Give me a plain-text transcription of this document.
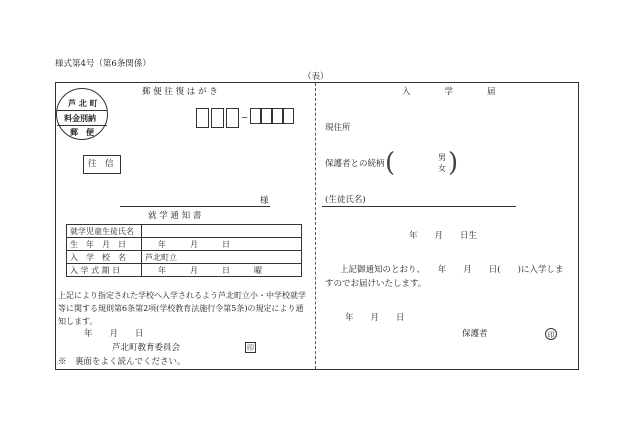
様式第4号（第6条関係）
（表）
芦 北 町
料金別納
郵　便
郵 便 往 復 は が き
−
往　信
様
就 学 通 知 書
就学児童生徒氏名	
生　年　月　日	年　　　月　　　日
入　学　校　名	芦北町立
入 学 式 期 日	年　　　月　　　日　　　曜
上記により指定された学校へ入学されるよう芦北町立小・中学校就学
等に関する規則第6条第2項(学校教育法施行令第5条)の規定により通
知します。
年　　月　　日
芦北町教育委員会	印
※　裏面をよく読んでください。
入　　　　学　　　　届
現住所
保護者との続柄 (	男
女 )
(生徒氏名)
年　　月　　日生
上記御通知のとおり、　　年　　月　　日(　　)に入学しま
すのでお届けいたします。
年　　月　　日
保護者	印
